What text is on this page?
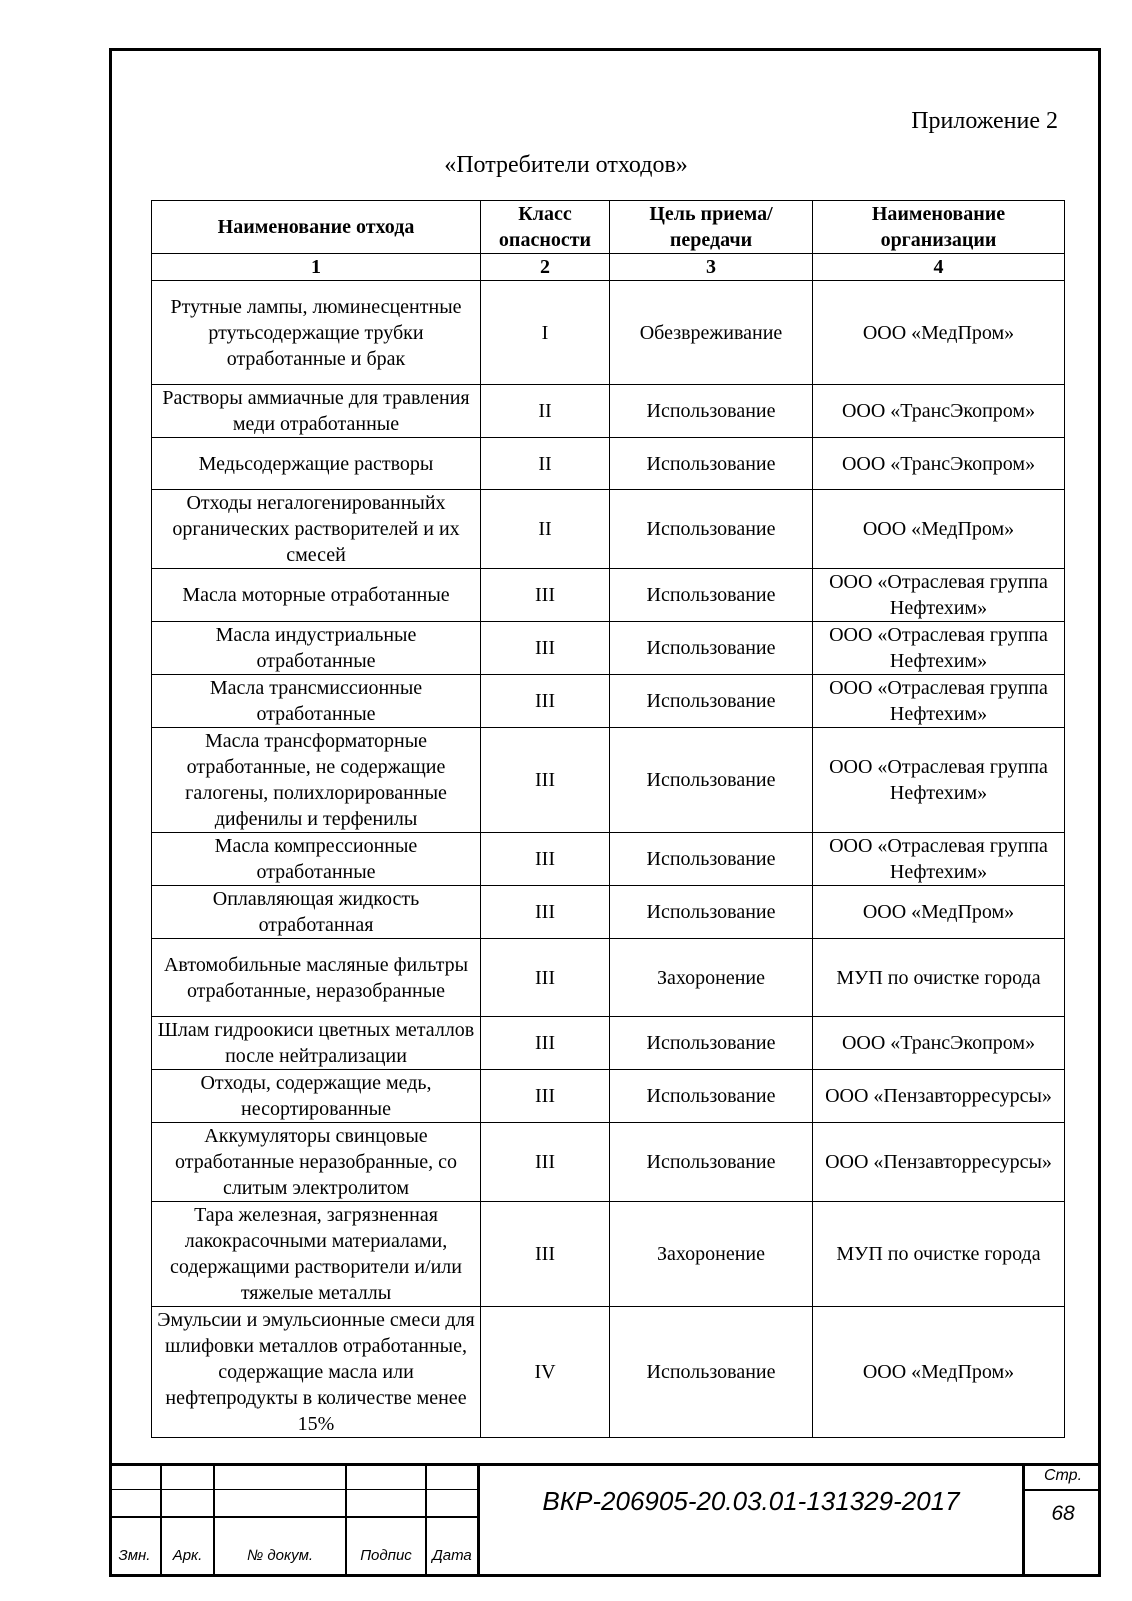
Приложение 2
«Потребители отходов»
Наименование отхода	Класс опасности	Цель приема/передачи	Наименование организации
1	2	3	4
Ртутные лампы, люминесцентные ртутьсодержащие трубки отработанные и брак	I	Обезвреживание	ООО «МедПром»
Растворы аммиачные для травления меди отработанные	II	Использование	ООО «ТрансЭкопром»
Медьсодержащие растворы	II	Использование	ООО «ТрансЭкопром»
Отходы негалогенированныйх органических растворителей и их смесей	II	Использование	ООО «МедПром»
Масла моторные отработанные	III	Использование	ООО «Отраслевая группа Нефтехим»
Масла индустриальные отработанные	III	Использование	ООО «Отраслевая группа Нефтехим»
Масла трансмиссионные отработанные	III	Использование	ООО «Отраслевая группа Нефтехим»
Масла трансформаторные отработанные, не содержащие галогены, полихлорированные дифенилы и терфенилы	III	Использование	ООО «Отраслевая группа Нефтехим»
Масла компрессионные отработанные	III	Использование	ООО «Отраслевая группа Нефтехим»
Оплавляющая жидкость отработанная	III	Использование	ООО «МедПром»
Автомобильные масляные фильтры отработанные, неразобранные	III	Захоронение	МУП по очистке города
Шлам гидроокиси цветных металлов после нейтрализации	III	Использование	ООО «ТрансЭкопром»
Отходы, содержащие медь, несортированные	III	Использование	ООО «Пензавторресурсы»
Аккумуляторы свинцовые отработанные неразобранные, со слитым электролитом	III	Использование	ООО «Пензавторресурсы»
Тара железная, загрязненная лакокрасочными материалами, содержащими растворители и/или тяжелые металлы	III	Захоронение	МУП по очистке города
Эмульсии и эмульсионные смеси для шлифовки металлов отработанные, содержащие масла или нефтепродукты в количестве менее 15%	IV	Использование	ООО «МедПром»
Змн.	Арк.	№ докум.	Подпис	Дата
ВКР-206905-20.03.01-131329-2017
Стр.
68
